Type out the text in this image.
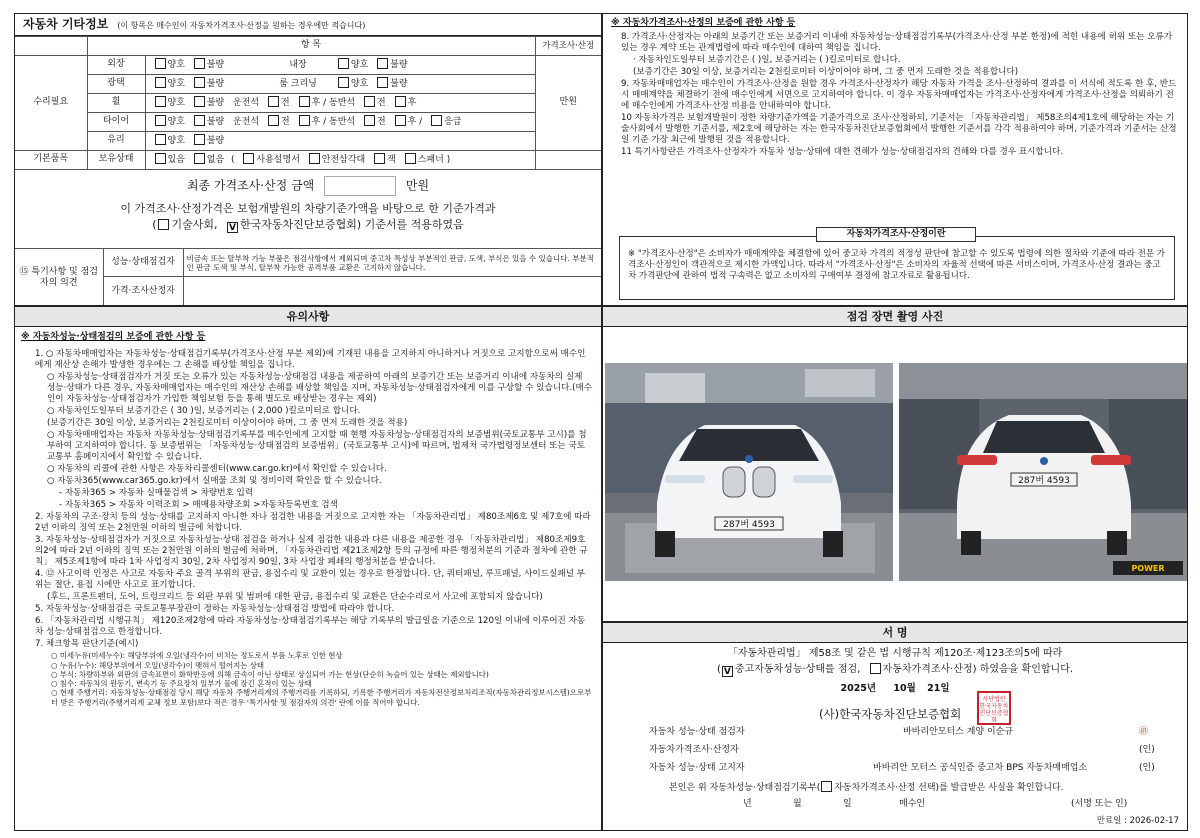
자동차 기타정보 (이 항목은 매수인이 자동차가격조사·산정을 원하는 경우에만 적습니다)
	항 목		가격조사·산정
수리필요	외장	양호 불량 내장 양호 불량	만원
	광택	양호 불량 룸 크리닝 양호 불량	
	휠	양호 불량 운전석 전 후 / 동반석 전 후	
	타이어	양호 불량 운전석 전 후 / 동반석 전 후 / 응급	
	유리	양호 불량	
기본품목	보유상태	있음 없음 ( 사용설명서 안전삼각대 잭 스패너 )	
최종 가격조사·산정 금액	만원
이 가격조사·산정가격은 보험개발원의 차량기준가액을 바탕으로 한 기준가격과
( 기술사회, V 한국자동차진단보증협회) 기준서를 적용하였음
⑮ 특기사항 및 점검자의 의견	성능·상태점검자	비금속 또는 탈부착 가능 부품은 점검사항에서 제외되며 중고차 특성상 부분적인 판금, 도색, 부식은 있을 수 있습니다. 부분적인 판금 도색 및 부식, 탈부착 가능한 공격부품 교환은 고지하지 않습니다.
	가격·조사산정자	
※ 자동차가격조사·산정의 보증에 관한 사항 등
8. 가격조사·산정자는 아래의 보증기간 또는 보증거리 이내에 자동차성능·상태점검기록부(가격조사·산정 부분 한정)에 적힌 내용에 허위 또는 오류가 있는 경우 계약 또는 관계법령에 따라 매수인에 대하여 책임을 집니다.
· 자동차인도일부터 보증기간은 ( )일, 보증거리는 ( )킬로미터로 합니다.
(보증기간은 30일 이상, 보증거리는 2천킬로미터 이상이어야 하며, 그 중 먼저 도래한 것을 적용합니다)
9. 자동차매매업자는 매수인이 가격조사·산정을 원할 경우 가격조사·산정자가 해당 자동차 가격을 조사·산정하여 결과를 이 서식에 적도록 한 후, 반드시 매매계약을 체결하기 전에 매수인에게 서면으로 고지하여야 합니다. 이 경우 자동차매매업자는 가격조사·산정자에게 가격조사·산정을 의뢰하기 전에 매수인에게 가격조사·산정 비용을 안내하여야 합니다.
10 자동차가격은 보험개발원이 정한 차량기준가액을 기준가격으로 조사·산정하되, 기준서는 「자동차관리법」 제58조의4제1호에 해당하는 자는 기술사회에서 발행한 기준서를, 제2호에 해당하는 자는 한국자동차진단보증협회에서 발행한 기준서를 각각 적용하여야 하며, 기준가격과 기준서는 산정일 기준 가장 최근에 발행된 것을 적용합니다.
11 특기사항란은 가격조사·산정자가 자동차 성능·상태에 대한 견해가 성능·상태점검자의 견해와 다를 경우 표시합니다.
자동차가격조사·산정이란
※ "가격조사·산정"은 소비자가 매매계약을 체결함에 있어 중고차 가격의 적정성 판단에 참고할 수 있도록 법령에 의한 절차와 기준에 따라 전문 가격조사·산정인이 객관적으로 제시한 가액입니다. 따라서 "가격조사·산정"은 소비자의 자율적 선택에 따른 서비스이며, 가격조사·산정 결과는 중고차 가격판단에 관하여 법적 구속력은 없고 소비자의 구매여부 결정에 참고자료로 활용됩니다.
유의사항
※ 자동차성능·상태점검의 보증에 관한 사항 등
1. ○ 자동차매매업자는 자동차성능·상태점검기록부(가격조사·산정 부분 제외)에 기재된 내용을 고지하지 아니하거나 거짓으로 고지함으로써 매수인에게 재산상 손해가 발생한 경우에는 그 손해를 배상할 책임을 집니다.
○ 자동차성능·상태점검자가 거짓 또는 오류가 있는 자동차성능·상태점검 내용을 제공하여 아래의 보증기간 또는 보증거리 이내에 자동차의 실제 성능·상태가 다른 경우, 자동차매매업자는 매수인의 재산상 손해를 배상할 책임을 지며, 자동차성능·상태점검자에게 이를 구상할 수 있습니다.(매수인이 자동차성능·상태점검자가 가입한 책임보험 등을 통해 별도로 배상받는 경우는 제외)
○ 자동차인도일부터 보증기간은 ( 30 )일, 보증거리는 ( 2,000 )킬로미터로 합니다.
(보증기간은 30일 이상, 보증거리는 2천킬로미터 이상이어야 하며, 그 중 먼저 도래한 것을 적용)
○ 자동차매매업자는 자동차 자동차성능·상태점검기록부를 매수인에게 고지할 때 현행 자동차성능·상태점검자의 보증범위(국토교통부 고시)를 첨부하여 고지하여야 합니다. 동 보증범위는 「자동차성능·상태점검의 보증범위」(국토교통부 고시)에 따르며, 법제처 국가법령정보센터 또는 국토교통부 홈페이지에서 확인할 수 있습니다.
○ 자동차의 리콜에 관한 사항은 자동차리콜센터(www.car.go.kr)에서 확인할 수 있습니다.
○ 자동차365(www.car365.go.kr)에서 실매물 조회 및 정비이력 확인을 할 수 있습니다.
- 자동차365 > 자동차 실매물검색 > 차량번호 입력
- 자동차365 > 자동차 이력조회 > 매매용차량조회 >자동차등록번호 검색
2. 자동차의 구조·장치 등의 성능·상태를 고지하지 아니한 자나 점검한 내용을 거짓으로 고지한 자는 「자동차관리법」 제80조제6호 및 제7호에 따라 2년 이하의 징역 또는 2천만원 이하의 벌금에 처합니다.
3. 자동차성능·상태점검자가 거짓으로 자동차성능·상태 점검을 하거나 실제 점검한 내용과 다른 내용을 제공한 경우 「자동차관리법」 제80조제9호의2에 따라 2년 이하의 징역 또는 2천만원 이하의 벌금에 처하며, 「자동차관리법 제21조제2항 등의 규정에 따른 행정처분의 기준과 절차에 관한 규칙」 제5조제1항에 따라 1차 사업정지 30일, 2차 사업정지 90일, 3차 사업장 폐쇄의 행정처분을 받습니다.
4. ⑫ 사고이력 인정은 사고로 자동차 주요 골격 부위의 판금, 용접수리 및 교환이 있는 경우로 한정합니다. 단, 쿼터패널, 루프패널, 사이드실패널 부위는 절단, 용접 시에만 사고로 표기합니다.
(후드, 프론트펜더, 도어, 트렁크리드 등 외판 부위 및 범퍼에 대한 판금, 용접수리 및 교환은 단순수리로서 사고에 포함되지 않습니다)
5. 자동차성능·상태점검은 국토교통부장관이 정하는 자동차성능·상태점검 방법에 따라야 합니다.
6. 「자동차관리법 시행규칙」 제120조제2항에 따라 자동차성능·상태점검기록부는 해당 기록부의 발급일을 기준으로 120일 이내에 이루어진 자동차 성능·상태점검으로 한정합니다.
7. 체크항목 판단기준(예시)
○ 미세누유(미세누수): 해당부위에 오일(냉각수)이 비치는 정도로서 부품 노후로 인한 현상
○ 누유(누수): 해당부위에서 오일(냉각수)이 맺혀서 떨어지는 상태
○ 부식: 차량하부와 외판의 금속표면이 화학반응에 의해 금속이 아닌 상태로 상실되어 가는 현상(단순히 녹슬어 있는 상태는 제외합니다)
○ 침수: 자동차의 원동기, 변속기 등 주요장치 일부가 물에 잠긴 흔적이 있는 상태
○ 현재 주행거리: 자동차성능·상태점검 당시 해당 자동차 주행거리계의 주행거리를 기록하되, 기록한 주행거리가 자동차전산정보처리조직(자동차관리정보시스템)으로부터 받은 주행거리(주행거리계 교체 정보 포함)보다 적은 경우 '특기사항 및 점검자의 의견' 란에 이를 적어야 합니다.
점검 장면 촬영 사진
287버 4593
287버 4593
POWER
서 명
「자동차관리법」 제58조 및 같은 법 시행규칙 제120조·제123조의5에 따라
( V 중고자동차성능·상태를 점검, 자동차가격조사·산정) 하였음을 확인합니다.
2025년 10월 21일
(사)한국자동차진단보증협회
사단법인 한국자동차 진단보증협회
자동차 성능·상태 점검자	바바리안모터스 계양 이순규	㊞
자동차가격조사·산정자	(인)
자동차 성능·상태 고지자	바바리안 모터스 공식인증 중고차 BPS 자동차매매업소	(인)
본인은 위 자동차성능·상태점검기록부( 자동차가격조사·산정 선택)를 발급받은 사실을 확인합니다.
년	월	일	매수인	(서명 또는 인)
만료일 : 2026-02-17
